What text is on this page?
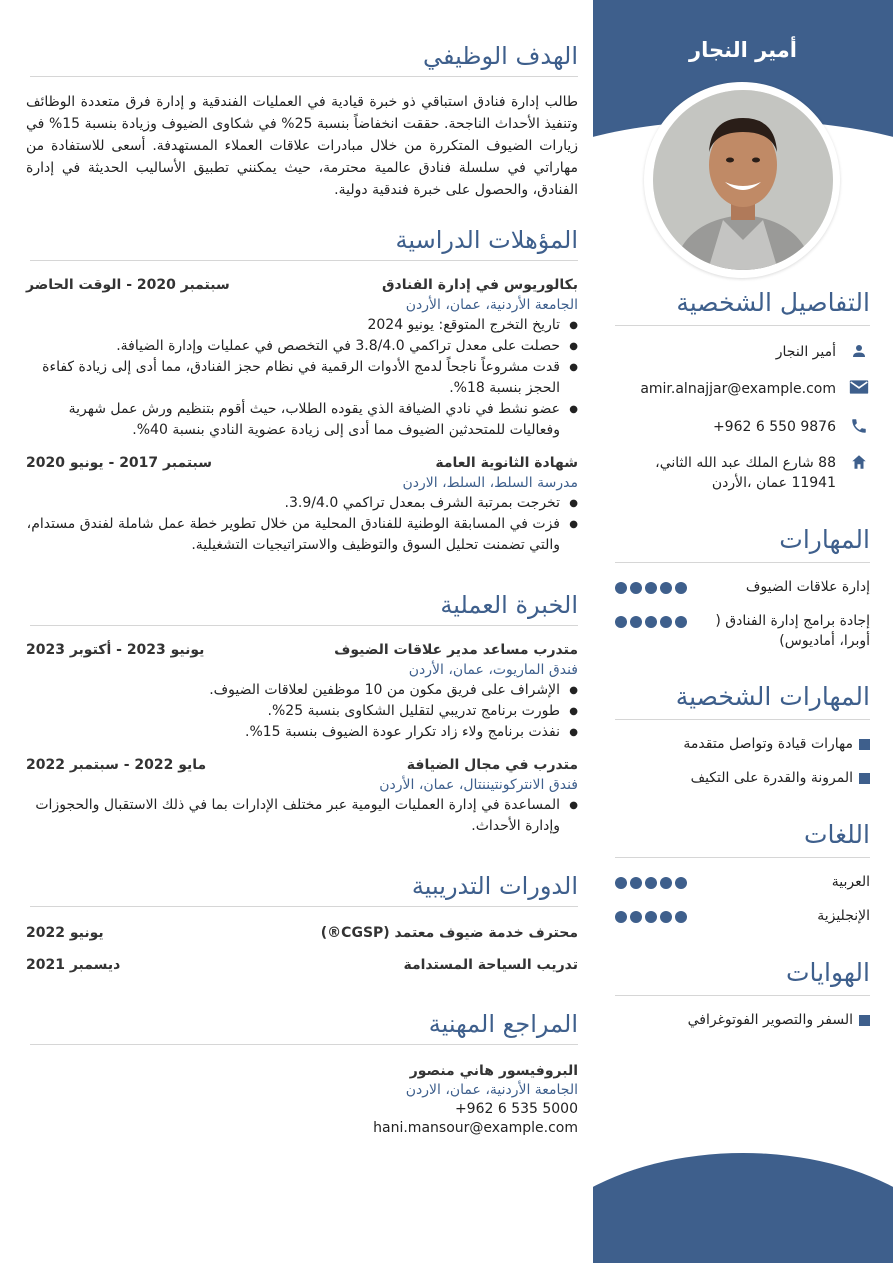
أمير النجار
التفاصيل الشخصية
أمير النجار
amir.alnajjar@example.com
+962 6 550 9876
88 شارع الملك عبد الله الثاني، 11941 عمان ،الأردن
المهارات
إدارة علاقات الضيوف
إجادة برامج إدارة الفنادق ( أوبرا، أماديوس)
المهارات الشخصية
مهارات قيادة وتواصل متقدمة
المرونة والقدرة على التكيف
اللغات
العربية
الإنجليزية
الهوايات
السفر والتصوير الفوتوغرافي
الهدف الوظيفي
طالب إدارة فنادق استباقي ذو خبرة قيادية في العمليات الفندقية و إدارة فرق متعددة الوظائف وتنفيذ الأحداث الناجحة. حققت انخفاضاً بنسبة 25% في شكاوى الضيوف وزيادة بنسبة 15% في زيارات الضيوف المتكررة من خلال مبادرات علاقات العملاء المستهدفة. أسعى للاستفادة من مهاراتي في سلسلة فنادق عالمية محترمة، حيث يمكنني تطبيق الأساليب الحديثة في إدارة الفنادق، والحصول على خبرة فندقية دولية.
المؤهلات الدراسية
بكالوريوس في إدارة الفنادق
سبتمبر 2020 - الوقت الحاضر
الجامعة الأردنية، عمان، الأردن
● تاريخ التخرج المتوقع: يونيو 2024
● حصلت على معدل تراكمي 3.8/4.0 في التخصص في عمليات وإدارة الضيافة.
● قدت مشروعاً ناجحاً لدمج الأدوات الرقمية في نظام حجز الفنادق، مما أدى إلى زيادة كفاءة الحجز بنسبة 18%.
● عضو نشط في نادي الضيافة الذي يقوده الطلاب، حيث أقوم بتنظيم ورش عمل شهرية وفعاليات للمتحدثين الضيوف مما أدى إلى زيادة عضوية النادي بنسبة 40%.
شهادة الثانوية العامة
سبتمبر 2017 - يونيو 2020
مدرسة السلط، السلط، الاردن
● تخرجت بمرتبة الشرف بمعدل تراكمي 3.9/4.0.
● فزت في المسابقة الوطنية للفنادق المحلية من خلال تطوير خطة عمل شاملة لفندق مستدام، والتي تضمنت تحليل السوق والتوظيف والاستراتيجيات التشغيلية.
الخبرة العملية
متدرب مساعد مدير علاقات الضيوف
يونيو 2023 - أكتوبر 2023
فندق الماريوت، عمان، الأردن
● الإشراف على فريق مكون من 10 موظفين لعلاقات الضيوف.
● طورت برنامج تدريبي لتقليل الشكاوى بنسبة 25%.
● نفذت برنامج ولاء زاد تكرار عودة الضيوف بنسبة 15%.
متدرب في مجال الضيافة
مايو 2022 - سبتمبر 2022
فندق الانتركونتيننتال، عمان، الأردن
● المساعدة في إدارة العمليات اليومية عبر مختلف الإدارات بما في ذلك الاستقبال والحجوزات وإدارة الأحداث.
الدورات التدريبية
محترف خدمة ضيوف معتمد (CGSP®)
يونيو 2022
تدريب السياحة المستدامة
ديسمبر 2021
المراجع المهنية
البروفيسور هاني منصور
الجامعة الأردنية، عمان، الاردن
+962 6 535 5000
hani.mansour@example.com
